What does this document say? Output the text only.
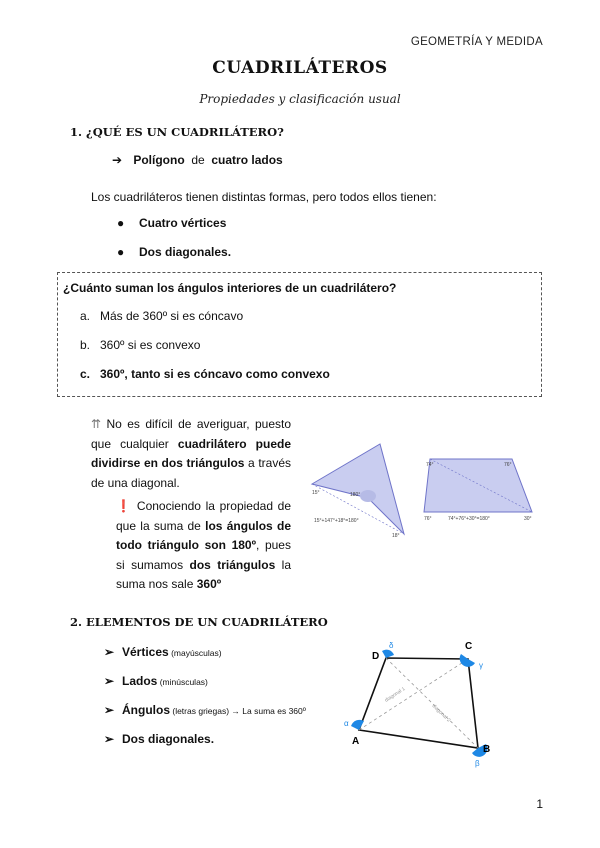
GEOMETRÍA Y MEDIDA
CUADRILÁTEROS
Propiedades y clasificación usual
1. ¿QUÉ ES UN CUADRILÁTERO?
➔ Polígono  de  cuatro lados
Los cuadriláteros tienen distintas formas, pero todos ellos tienen:
● Cuatro vértices
● Dos diagonales.
¿Cuánto suman los ángulos interiores de un cuadrilátero?
a. Más de 360º si es cóncavo
b. 360º si es convexo
c. 360º, tanto si es cóncavo como convexo
⇈ No es difícil de averiguar, puesto que cualquier cuadrilátero puede dividirse en dos triángulos a través de una diagonal.
❗ Conociendo la propiedad de que la suma de los ángulos de todo triángulo son 180º, pues si sumamos dos triángulos la suma nos sale 360º
15°	180°
15°+147°+18°=180°
18°
74°
76°
76°
74°+76°+30°=180°	30°
2. ELEMENTOS DE UN CUADRILÁTERO
➢ Vértices (mayúsculas)
➢ Lados (minúsculas)
➢ Ángulos (letras griegas) → La suma es 360º
➢ Dos diagonales.	A
B
C
D
α
β
γ
δ
diagonal 1
diagonal 2
1
